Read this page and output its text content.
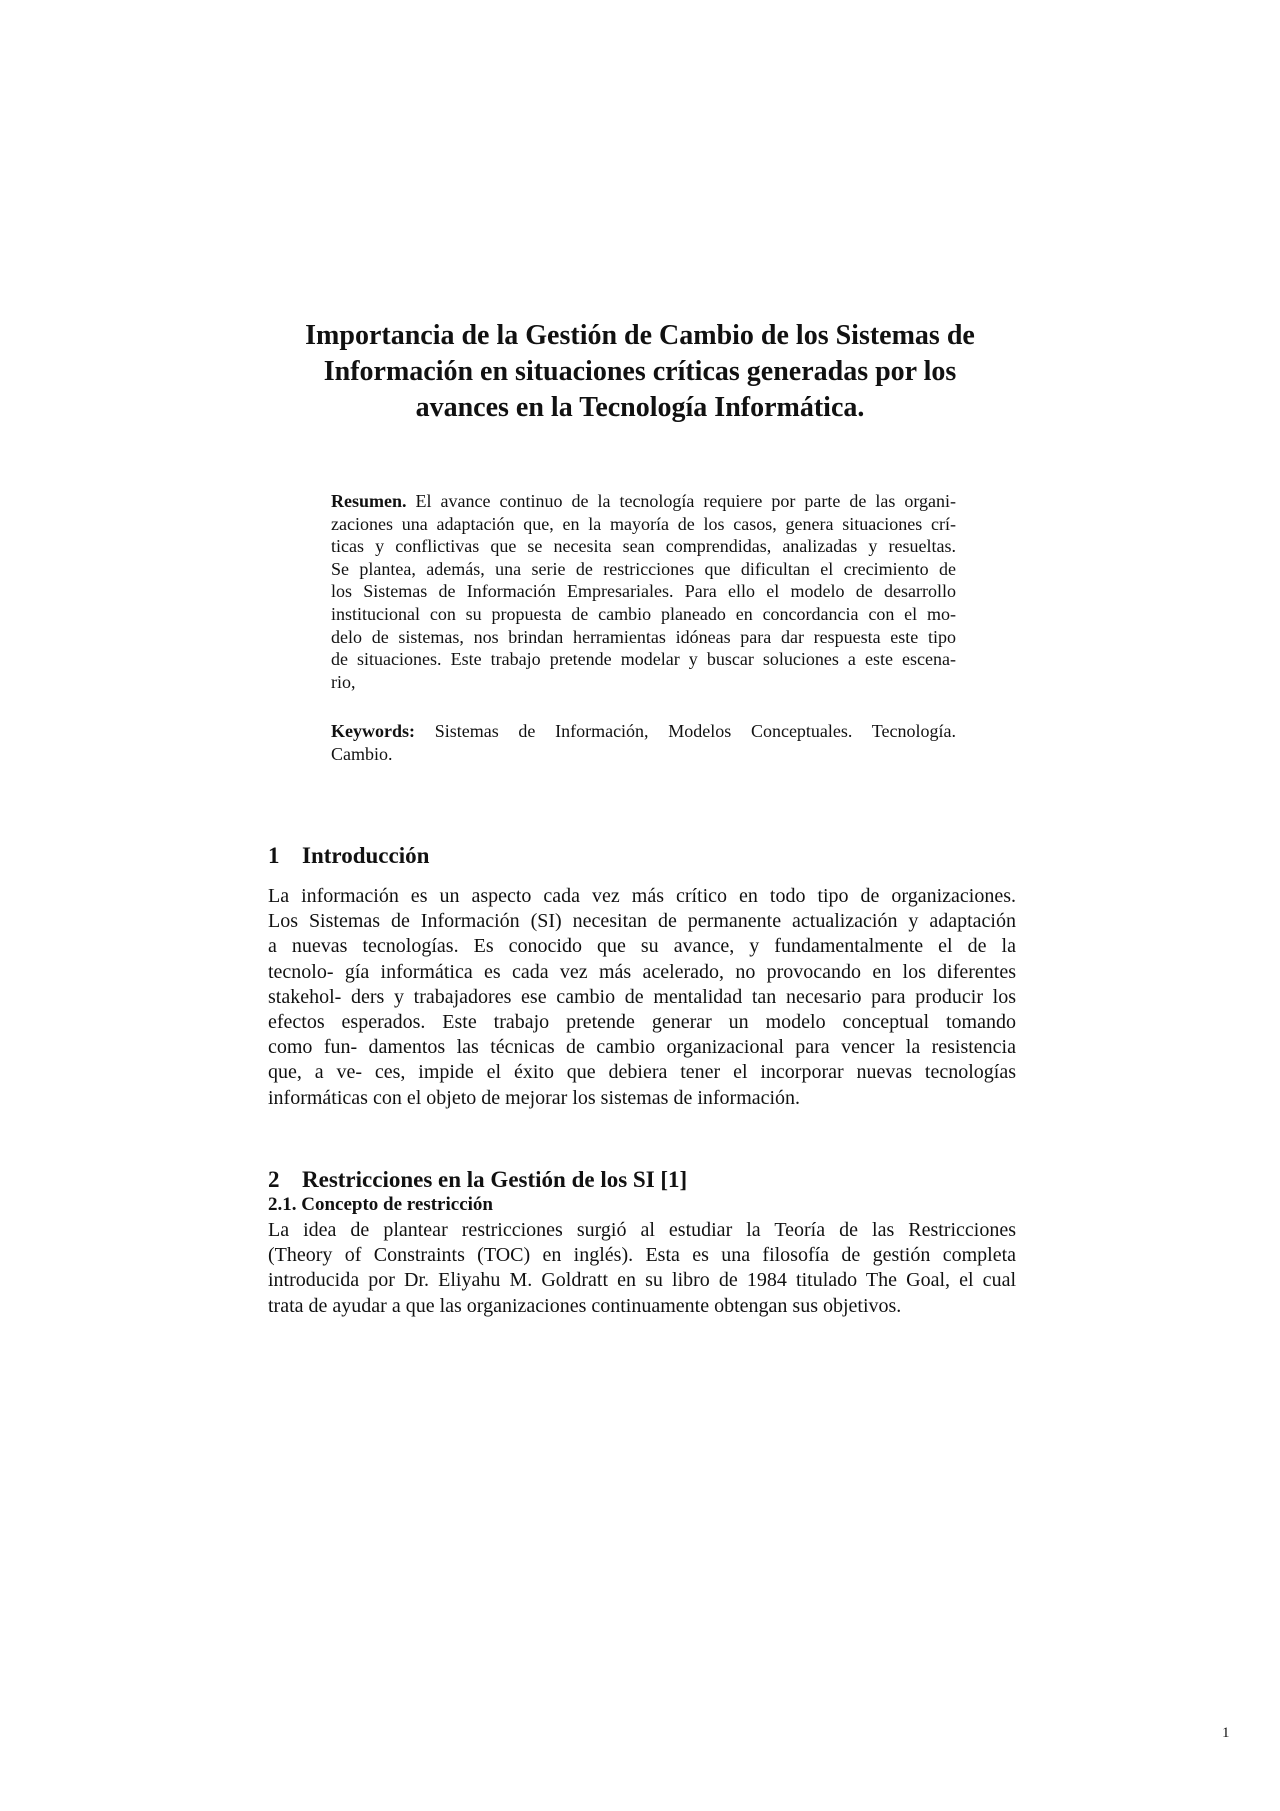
Importancia de la Gestión de Cambio de los Sistemas de
Información en situaciones críticas generadas por los
avances en la Tecnología Informática.
Resumen. El avance continuo de la tecnología requiere por parte de las organi-
zaciones una adaptación que, en la mayoría de los casos, genera situaciones crí-
ticas y conflictivas que se necesita sean comprendidas, analizadas y resueltas.
Se plantea, además, una serie de restricciones que dificultan el crecimiento de
los Sistemas de Información Empresariales. Para ello el modelo de desarrollo
institucional con su propuesta de cambio planeado en concordancia con el mo-
delo de sistemas, nos brindan herramientas idóneas para dar respuesta este tipo
de situaciones. Este trabajo pretende modelar y buscar soluciones a este escena-
rio,
Keywords: Sistemas de Información, Modelos Conceptuales. Tecnología.
Cambio.
1 Introducción
La información es un aspecto cada vez más crítico en todo tipo de organizaciones.
Los Sistemas de Información (SI) necesitan de permanente actualización y adaptación
a nuevas tecnologías. Es conocido que su avance, y fundamentalmente el de la
tecnolo- gía informática es cada vez más acelerado, no provocando en los diferentes
stakehol- ders y trabajadores ese cambio de mentalidad tan necesario para producir los
efectos esperados. Este trabajo pretende generar un modelo conceptual tomando
como fun- damentos las técnicas de cambio organizacional para vencer la resistencia
que, a ve- ces, impide el éxito que debiera tener el incorporar nuevas tecnologías
informáticas con el objeto de mejorar los sistemas de información.
2 Restricciones en la Gestión de los SI [1]
2.1. Concepto de restricción
La idea de plantear restricciones surgió al estudiar la Teoría de las Restricciones
(Theory of Constraints (TOC) en inglés). Esta es una filosofía de gestión completa
introducida por Dr. Eliyahu M. Goldratt en su libro de 1984 titulado The Goal, el cual
trata de ayudar a que las organizaciones continuamente obtengan sus objetivos.
1
